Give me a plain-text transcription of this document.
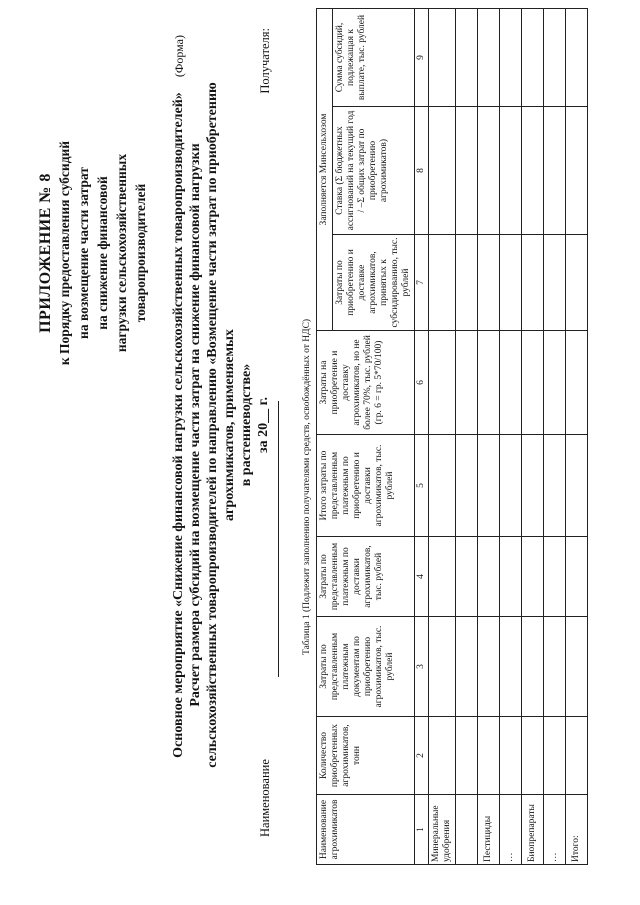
ПРИЛОЖЕНИЕ № 8 к Порядку предоставления субсидий на возмещение части затрат на снижение финансовой нагрузки сельскохозяйственных товаропроизводителей
(Форма)
Основное мероприятие «Снижение финансовой нагрузки сельскохозяйственных товаропроизводителей» Расчет размера субсидий на возмещение части затрат на снижение финансовой нагрузки сельскохозяйственных товаропроизводителей по направлению «Возмещение части затрат по приобретению агрохимикатов, применяемых в растениеводстве» за 20__ г.
Наименование
Получателя:
Таблица 1 (Подлежит заполнению получателями средств, освобождённых от НДС)
Наименование агрохимикатов	Количество приобретенных агрохимикатов, тонн	Затраты по представленным платежным документам по приобретению агрохимикатов, тыс. рублей	Затраты по представленным платежным по доставки агрохимикатов, тыс. рублей	Итого затраты по представленным платежным по приобретению и доставки агрохимикатов, тыс. рублей	Затраты на приобретение и доставку агрохимикатов, но не более 70%, тыс. рублей (гр. 6 = гр. 5*70/100)	Заполняется Минсельхозом		
						Затраты по приобретению и доставке агрохимикатов, принятых к субсидированию, тыс. рублей	Ставка (Σ бюджетных ассигнований на текущий год / –Σ общих затрат по приобретению агрохимикатов)	Сумма субсидий, подлежащая к выплате, тыс. рублей
1	2	3	4	5	6	7	8	9
Минеральные удобрения								

Пестициды								
…								
Биопрепараты								
…								
Итого:								
